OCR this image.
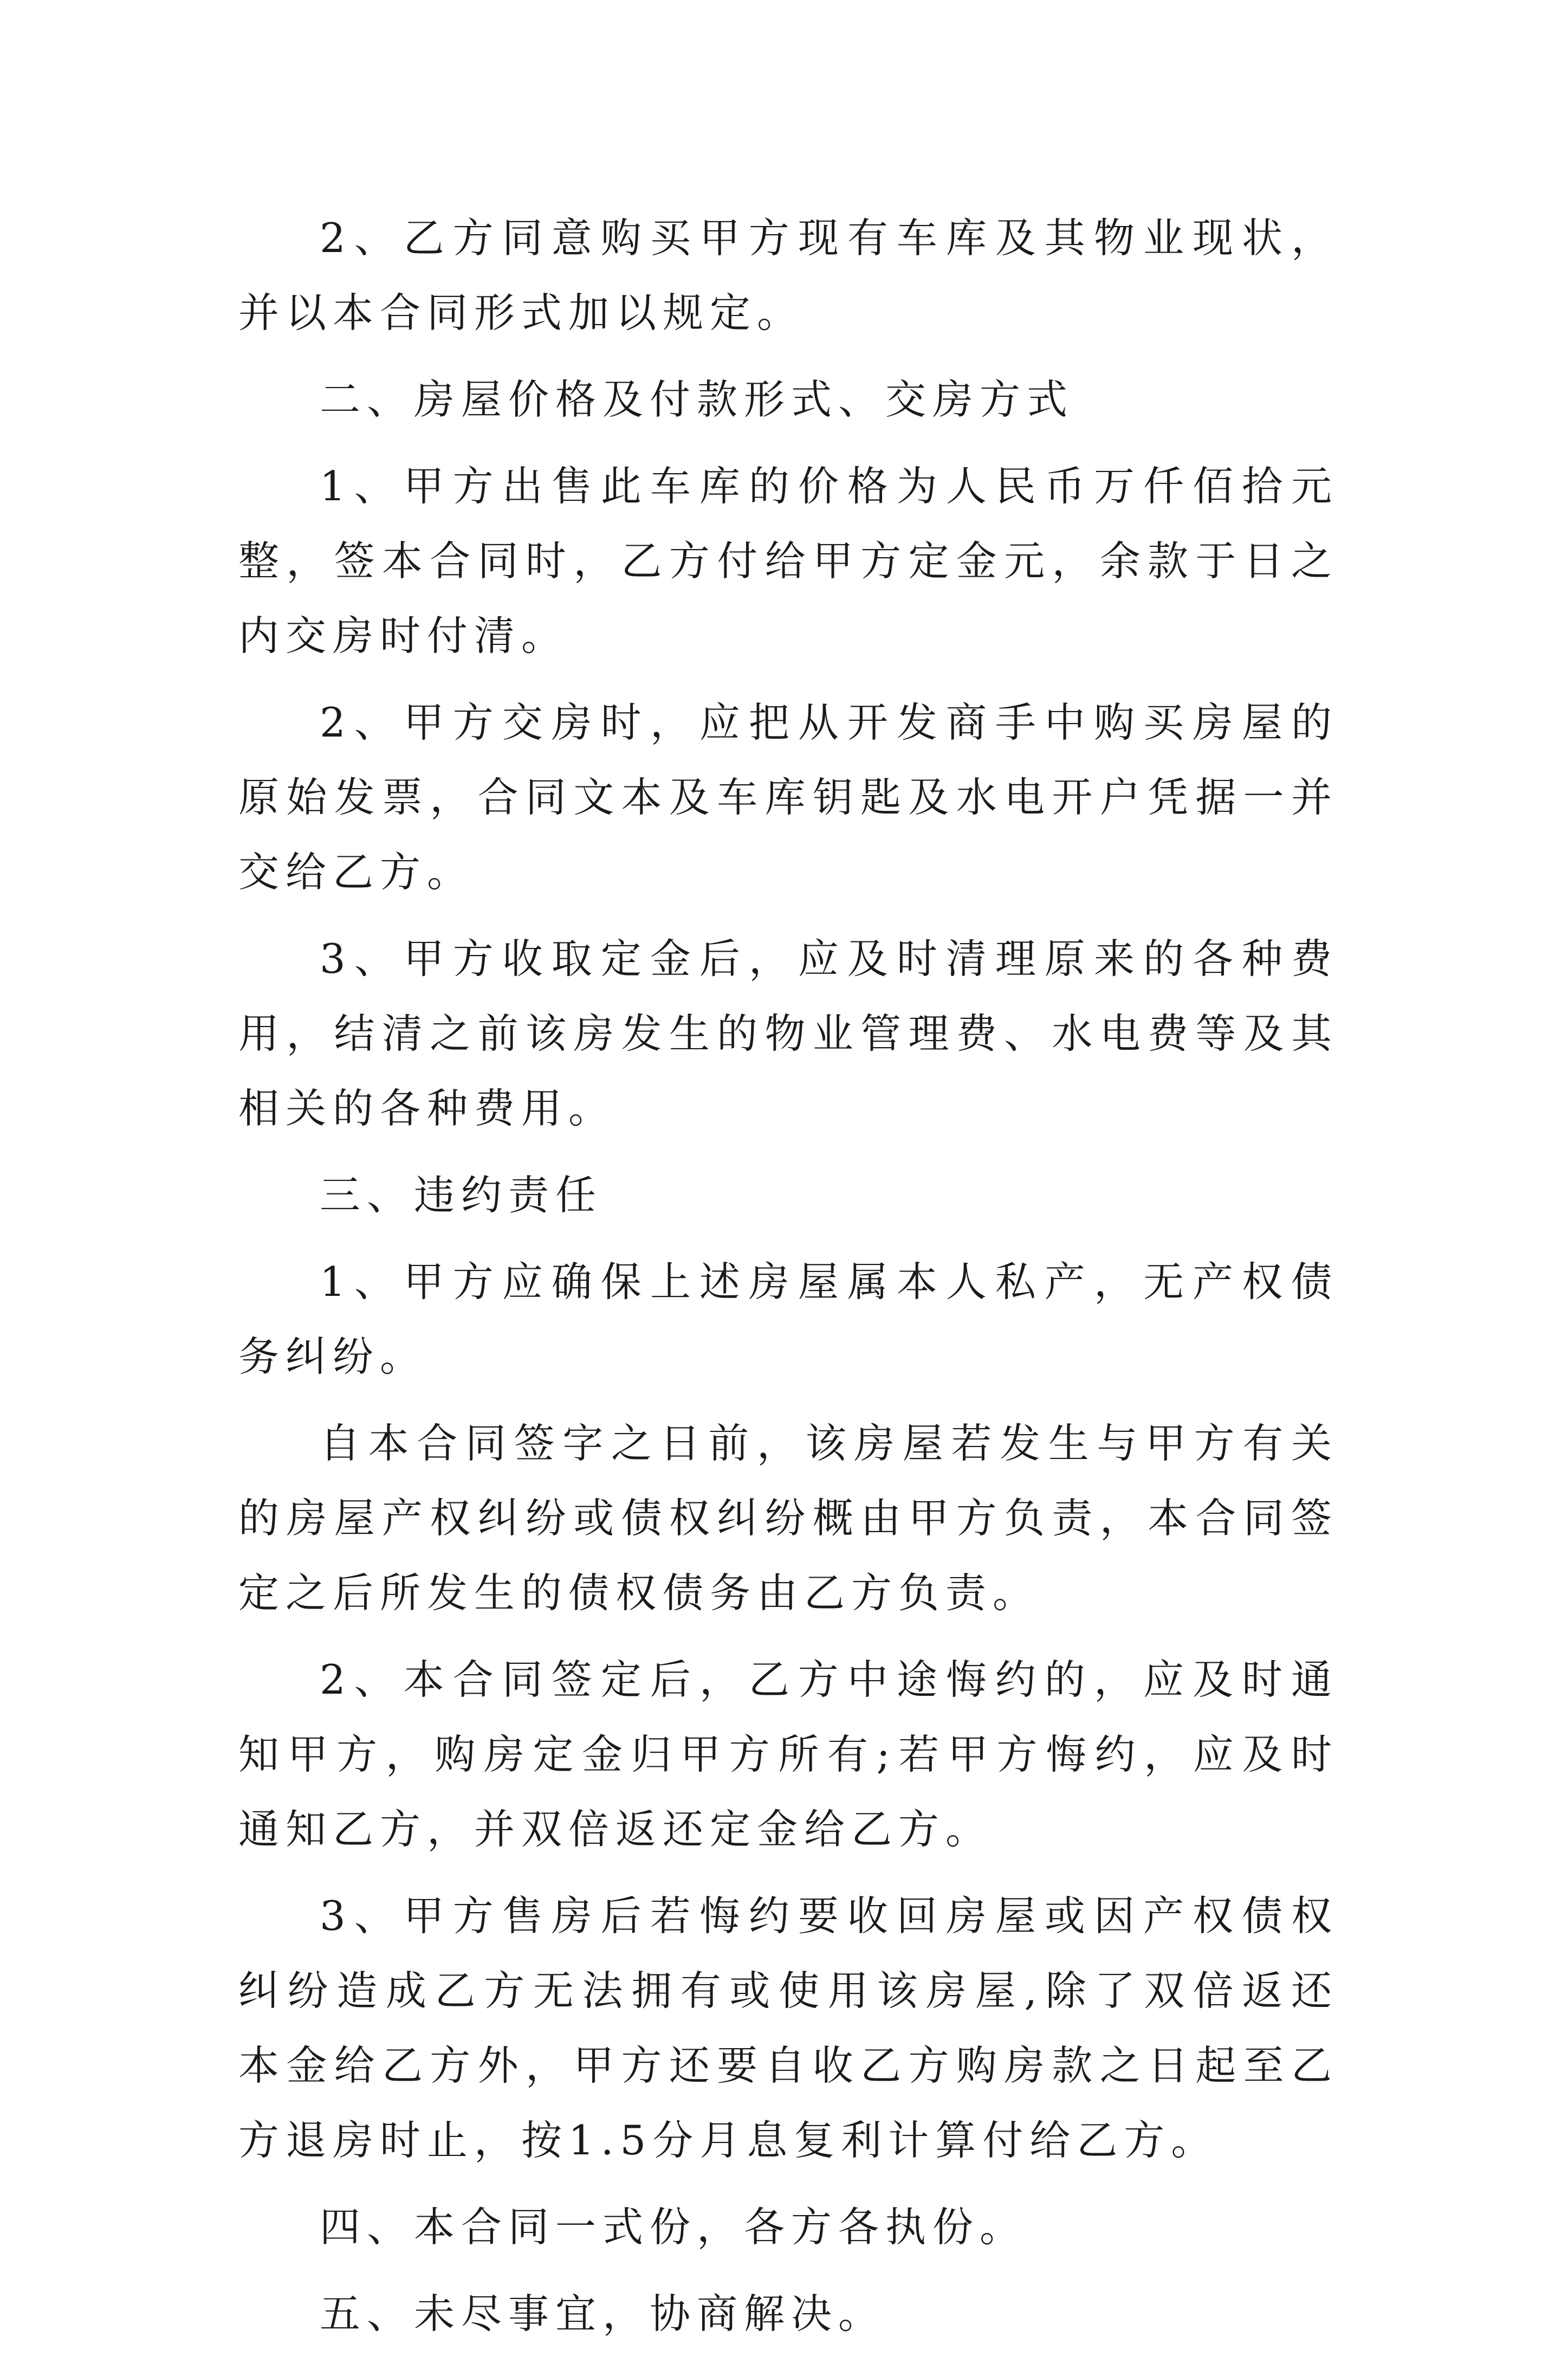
2、乙方同意购买甲方现有车库及其物业现状，并以本合同形式加以规定。

二、房屋价格及付款形式、交房方式

1、甲方出售此车库的价格为人民币万仟佰拾元整，签本合同时，乙方付给甲方定金元，余款于日之内交房时付清。

2、甲方交房时，应把从开发商手中购买房屋的原始发票，合同文本及车库钥匙及水电开户凭据一并交给乙方。

3、甲方收取定金后，应及时清理原来的各种费用，结清之前该房发生的物业管理费、水电费等及其相关的各种费用。

三、违约责任

1、甲方应确保上述房屋属本人私产，无产权债务纠纷。

自本合同签字之日前，该房屋若发生与甲方有关的房屋产权纠纷或债权纠纷概由甲方负责，本合同签定之后所发生的债权债务由乙方负责。

2、本合同签定后，乙方中途悔约的，应及时通知甲方，购房定金归甲方所有;若甲方悔约，应及时通知乙方，并双倍返还定金给乙方。

3、甲方售房后若悔约要收回房屋或因产权债权纠纷造成乙方无法拥有或使用该房屋,除了双倍返还本金给乙方外，甲方还要自收乙方购房款之日起至乙方退房时止，按1.5分月息复利计算付给乙方。

四、本合同一式份，各方各执份。

五、未尽事宜，协商解决。
